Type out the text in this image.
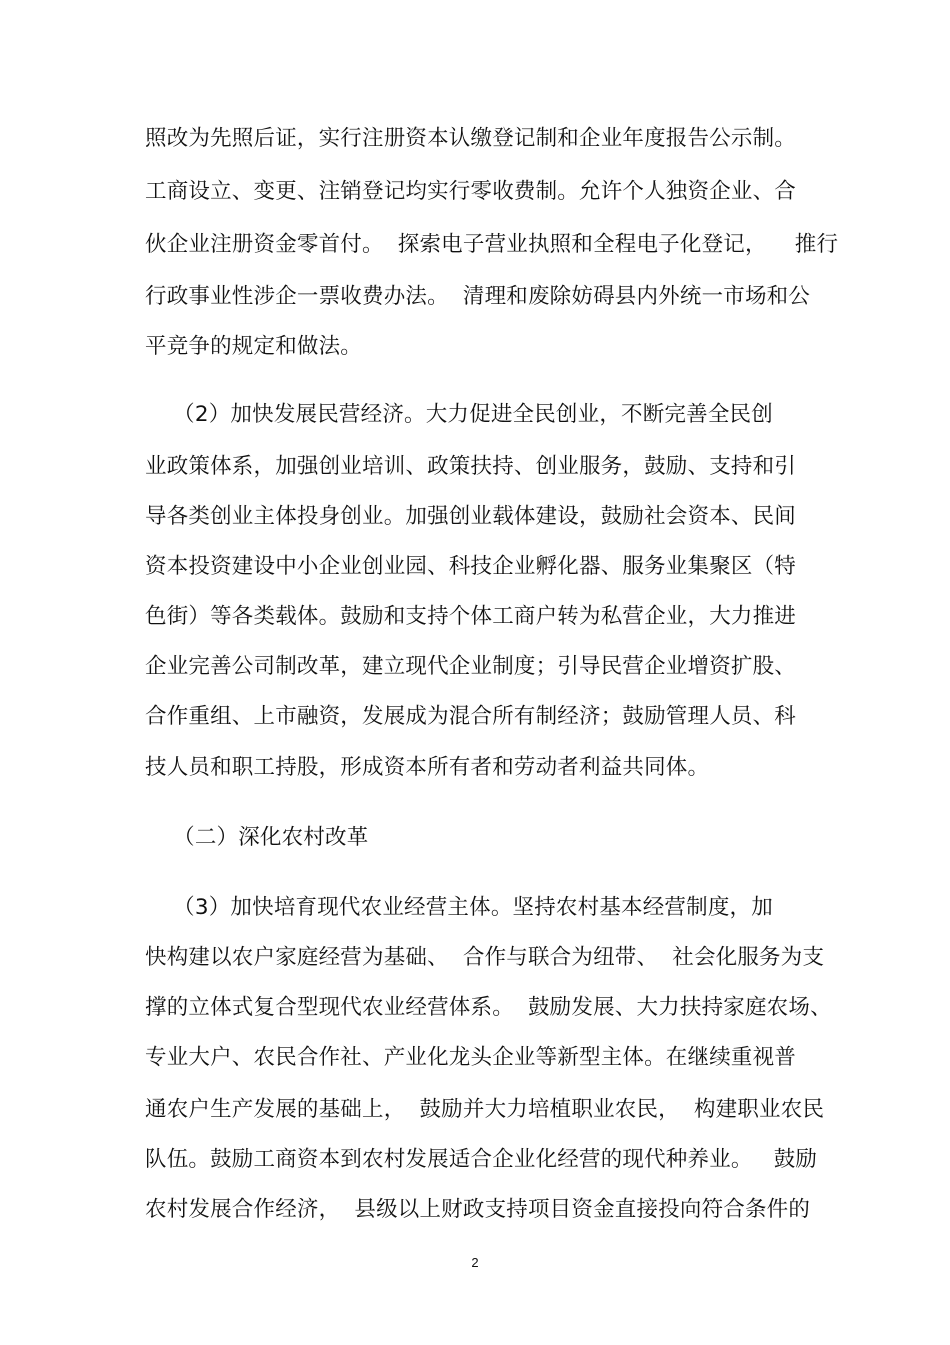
照改为先照后证，实行注册资本认缴登记制和企业年度报告公示制。
工商设立、变更、注销登记均实行零收费制。允许个人独资企业、合
伙企业注册资金零首付。  探索电子营业执照和全程电子化登记，    推行
行政事业性涉企一票收费办法。  清理和废除妨碍县内外统一市场和公
平竞争的规定和做法。
（2）加快发展民营经济。大力促进全民创业，不断完善全民创
业政策体系，加强创业培训、政策扶持、创业服务，鼓励、支持和引
导各类创业主体投身创业。加强创业载体建设，鼓励社会资本、民间
资本投资建设中小企业创业园、科技企业孵化器、服务业集聚区（特
色街）等各类载体。鼓励和支持个体工商户转为私营企业，大力推进
企业完善公司制改革，建立现代企业制度；引导民营企业增资扩股、
合作重组、上市融资，发展成为混合所有制经济；鼓励管理人员、科
技人员和职工持股，形成资本所有者和劳动者利益共同体。
（二）深化农村改革
（3）加快培育现代农业经营主体。坚持农村基本经营制度，加
快构建以农户家庭经营为基础、  合作与联合为纽带、  社会化服务为支
撑的立体式复合型现代农业经营体系。  鼓励发展、大力扶持家庭农场、
专业大户、农民合作社、产业化龙头企业等新型主体。在继续重视普
通农户生产发展的基础上，  鼓励并大力培植职业农民，  构建职业农民
队伍。鼓励工商资本到农村发展适合企业化经营的现代种养业。   鼓励
农村发展合作经济，  县级以上财政支持项目资金直接投向符合条件的
2
